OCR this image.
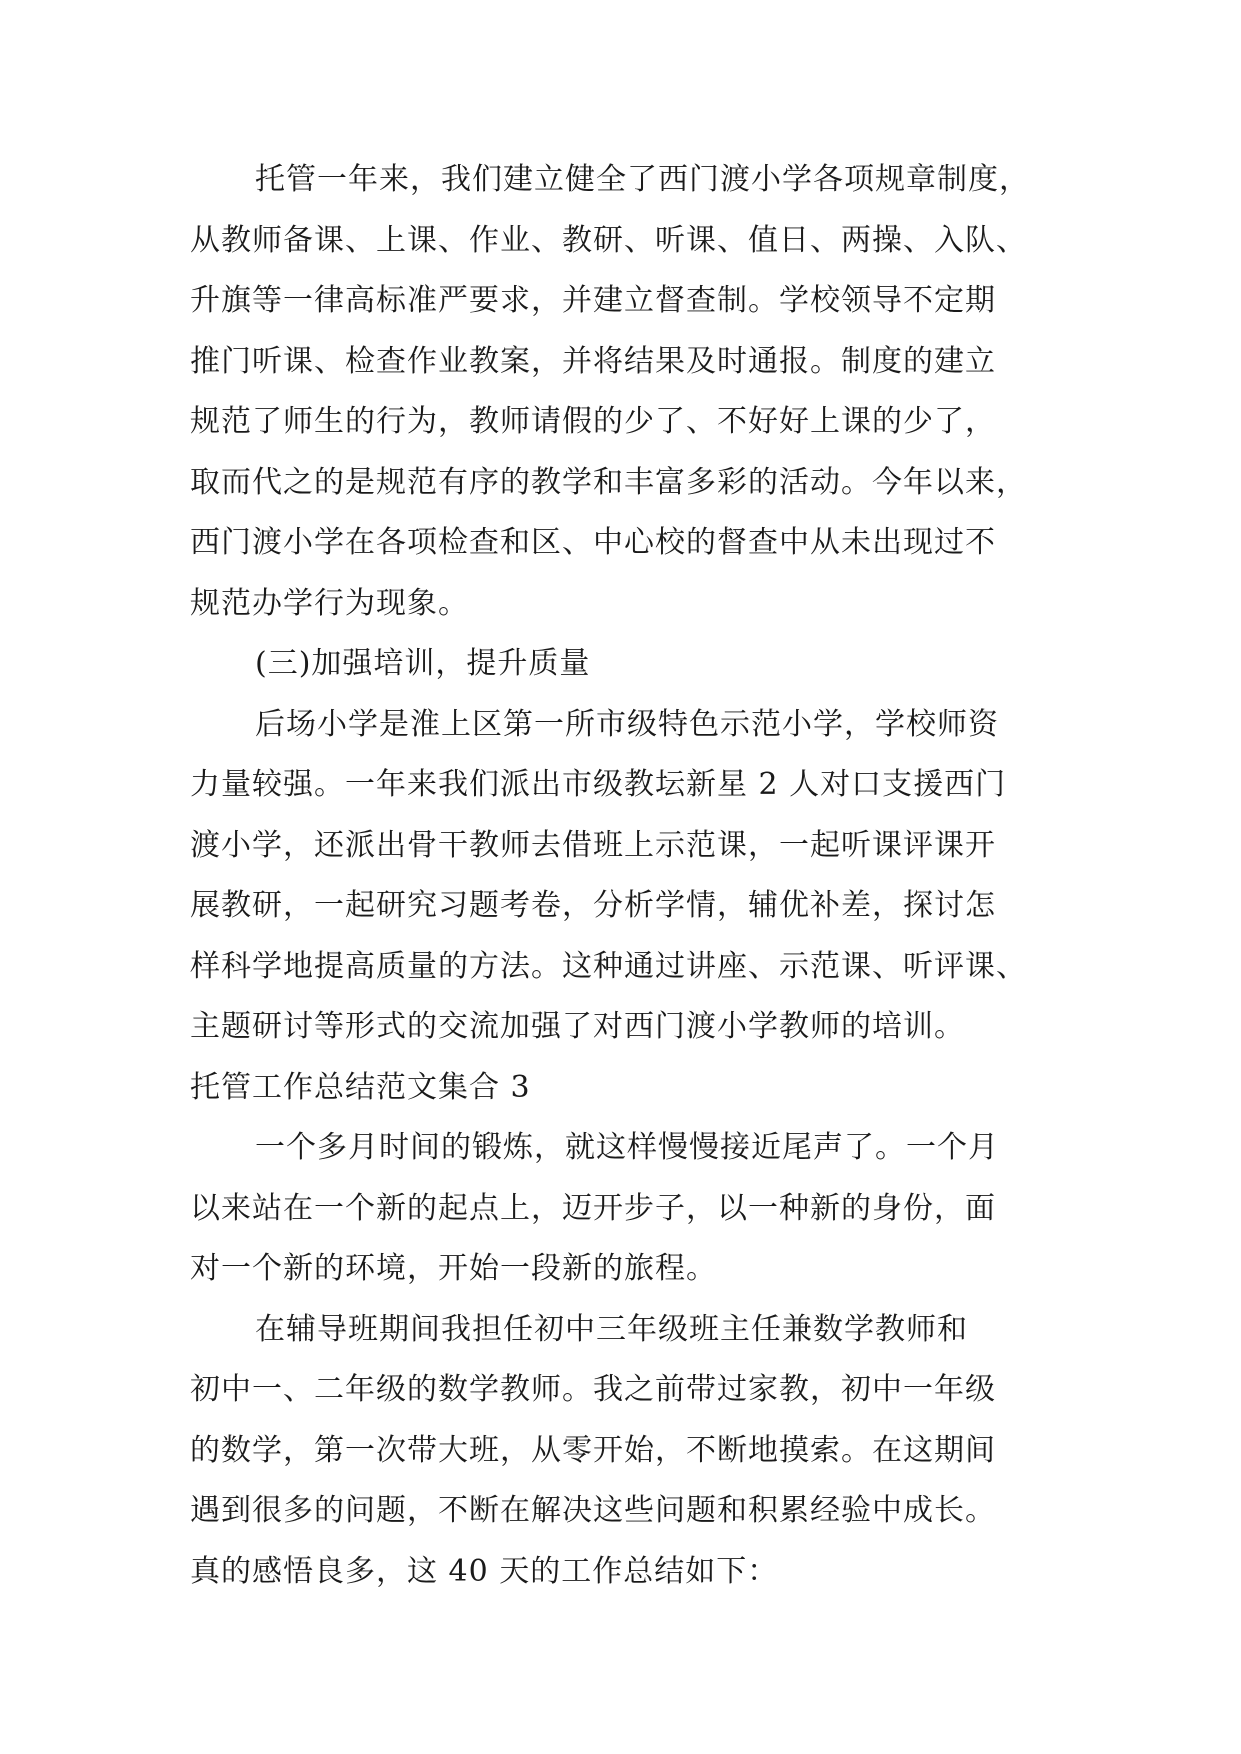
托管一年来，我们建立健全了西门渡小学各项规章制度，
从教师备课、上课、作业、教研、听课、值日、两操、入队、
升旗等一律高标准严要求，并建立督查制。学校领导不定期
推门听课、检查作业教案，并将结果及时通报。制度的建立
规范了师生的行为，教师请假的少了、不好好上课的少了，
取而代之的是规范有序的教学和丰富多彩的活动。今年以来，
西门渡小学在各项检查和区、中心校的督查中从未出现过不
规范办学行为现象。
(三)加强培训，提升质量
后场小学是淮上区第一所市级特色示范小学，学校师资
力量较强。一年来我们派出市级教坛新星 2 人对口支援西门
渡小学，还派出骨干教师去借班上示范课，一起听课评课开
展教研，一起研究习题考卷，分析学情，辅优补差，探讨怎
样科学地提高质量的方法。这种通过讲座、示范课、听评课、
主题研讨等形式的交流加强了对西门渡小学教师的培训。
托管工作总结范文集合 3
一个多月时间的锻炼，就这样慢慢接近尾声了。一个月
以来站在一个新的起点上，迈开步子，以一种新的身份，面
对一个新的环境，开始一段新的旅程。
在辅导班期间我担任初中三年级班主任兼数学教师和
初中一、二年级的数学教师。我之前带过家教，初中一年级
的数学，第一次带大班，从零开始，不断地摸索。在这期间
遇到很多的问题，不断在解决这些问题和积累经验中成长。
真的感悟良多，这 40 天的工作总结如下：
